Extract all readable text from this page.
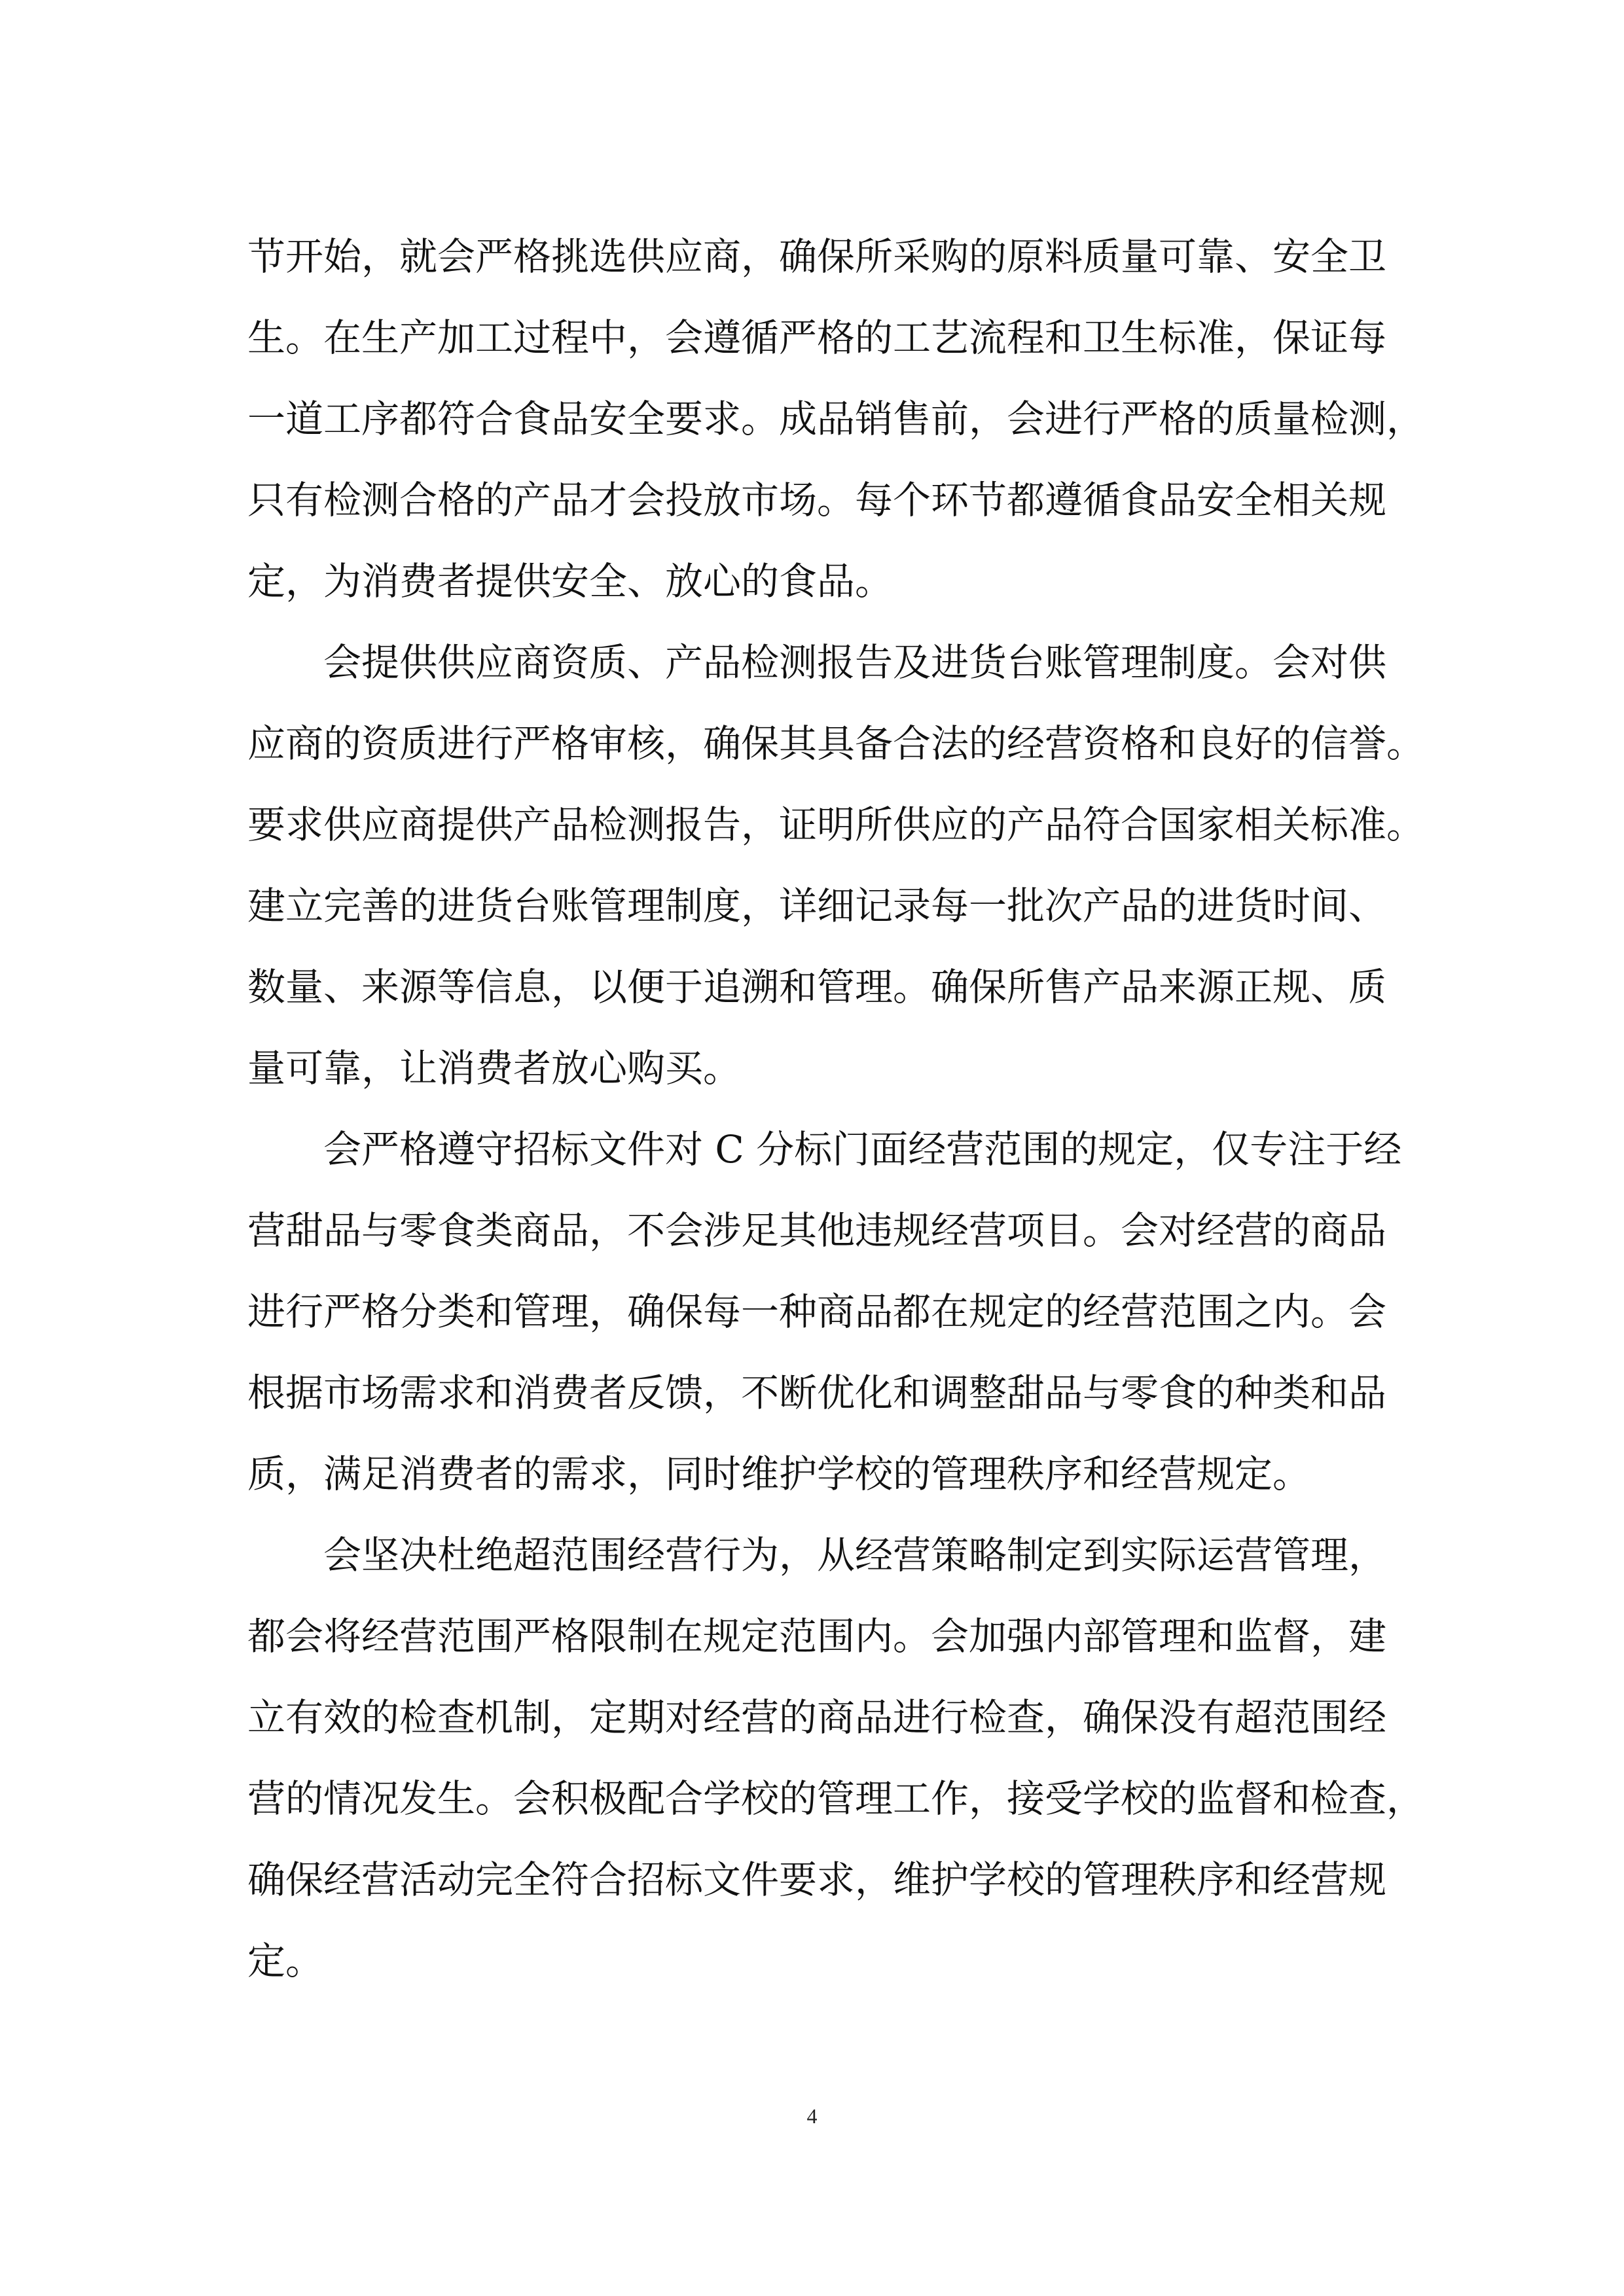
节开始，就会严格挑选供应商，确保所采购的原料质量可靠、安全卫
生。在生产加工过程中，会遵循严格的工艺流程和卫生标准，保证每
一道工序都符合食品安全要求。成品销售前，会进行严格的质量检测，
只有检测合格的产品才会投放市场。每个环节都遵循食品安全相关规
定，为消费者提供安全、放心的食品。
会提供供应商资质、产品检测报告及进货台账管理制度。会对供
应商的资质进行严格审核，确保其具备合法的经营资格和良好的信誉。
要求供应商提供产品检测报告，证明所供应的产品符合国家相关标准。
建立完善的进货台账管理制度，详细记录每一批次产品的进货时间、
数量、来源等信息，以便于追溯和管理。确保所售产品来源正规、质
量可靠，让消费者放心购买。
会严格遵守招标文件对 C 分标门面经营范围的规定，仅专注于经
营甜品与零食类商品，不会涉足其他违规经营项目。会对经营的商品
进行严格分类和管理，确保每一种商品都在规定的经营范围之内。会
根据市场需求和消费者反馈，不断优化和调整甜品与零食的种类和品
质，满足消费者的需求，同时维护学校的管理秩序和经营规定。
会坚决杜绝超范围经营行为，从经营策略制定到实际运营管理，
都会将经营范围严格限制在规定范围内。会加强内部管理和监督，建
立有效的检查机制，定期对经营的商品进行检查，确保没有超范围经
营的情况发生。会积极配合学校的管理工作，接受学校的监督和检查，
确保经营活动完全符合招标文件要求，维护学校的管理秩序和经营规
定。
4
